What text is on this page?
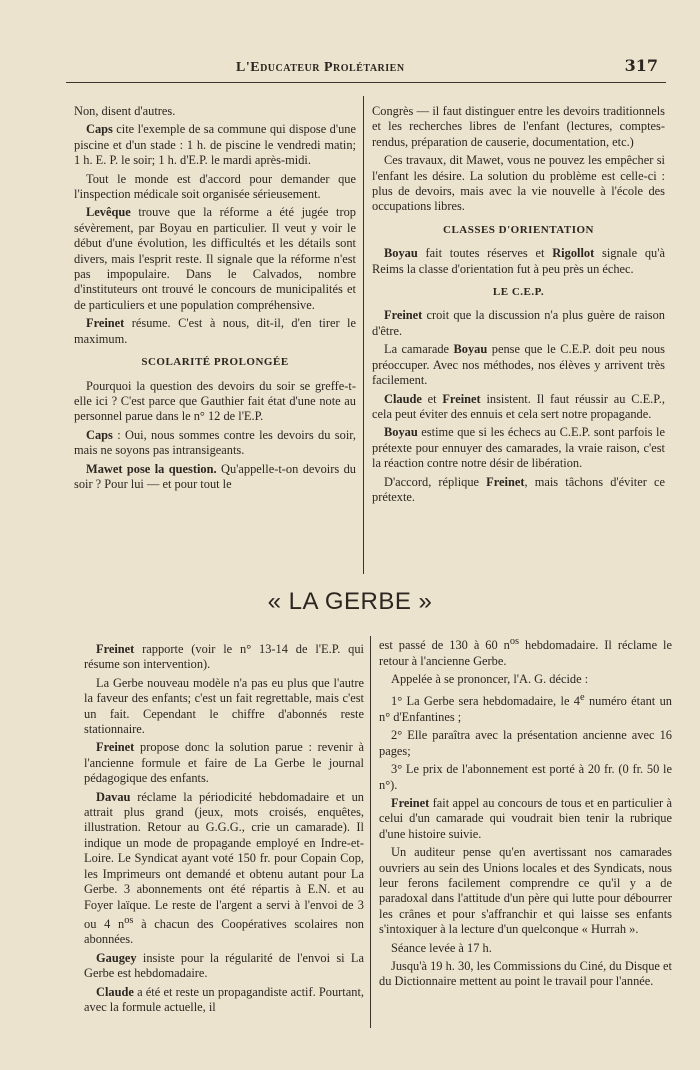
L'Educateur Prolétarien	317

Non, disent d'autres.

Caps cite l'exemple de sa commune qui dispose d'une piscine et d'un stade : 1 h. de piscine le vendredi matin; 1 h. E. P. le soir; 1 h. d'E.P. le mardi après-midi.

Tout le monde est d'accord pour demander que l'inspection médicale soit organisée sérieusement.

Levêque trouve que la réforme a été jugée trop sévèrement, par Boyau en particulier. Il veut y voir le début d'une évolution, les difficultés et les détails sont divers, mais l'esprit reste. Il signale que la réforme n'est pas impopulaire. Dans le Calvados, nombre d'instituteurs ont trouvé le concours de municipalités et de particuliers et une population compréhensive.

Freinet résume. C'est à nous, dit-il, d'en tirer le maximum.

SCOLARITÉ PROLONGÉE

Pourquoi la question des devoirs du soir se greffe-t-elle ici ? C'est parce que Gauthier fait état d'une note au personnel parue dans le n° 12 de l'E.P.

Caps : Oui, nous sommes contre les devoirs du soir, mais ne soyons pas intransigeants.

Mawet pose la question. Qu'appelle-t-on devoirs du soir ? Pour lui — et pour tout le

Congrès — il faut distinguer entre les devoirs traditionnels et les recherches libres de l'enfant (lectures, comptes-rendus, préparation de causerie, documentation, etc.)

Ces travaux, dit Mawet, vous ne pouvez les empêcher si l'enfant les désire. La solution du problème est celle-ci : plus de devoirs, mais avec la vie nouvelle à l'école des occupations libres.

CLASSES D'ORIENTATION

Boyau fait toutes réserves et Rigollot signale qu'à Reims la classe d'orientation fut à peu près un échec.

LE C.E.P.

Freinet croit que la discussion n'a plus guère de raison d'être.

La camarade Boyau pense que le C.E.P. doit peu nous préoccuper. Avec nos méthodes, nos élèves y arrivent très facilement.

Claude et Freinet insistent. Il faut réussir au C.E.P., cela peut éviter des ennuis et cela sert notre propagande.

Boyau estime que si les échecs au C.E.P. sont parfois le prétexte pour ennuyer des camarades, la vraie raison, c'est la réaction contre notre désir de libération.

D'accord, réplique Freinet, mais tâchons d'éviter ce prétexte.

« LA GERBE »

Freinet rapporte (voir le n° 13-14 de l'E.P. qui résume son intervention).

La Gerbe nouveau modèle n'a pas eu plus que l'autre la faveur des enfants; c'est un fait regrettable, mais c'est un fait. Cependant le chiffre d'abonnés reste stationnaire.

Freinet propose donc la solution parue : revenir à l'ancienne formule et faire de La Gerbe le journal pédagogique des enfants.

Davau réclame la périodicité hebdomadaire et un attrait plus grand (jeux, mots croisés, enquêtes, illustration. Retour au G.G.G., crie un camarade). Il indique un mode de propagande employé en Indre-et-Loire. Le Syndicat ayant voté 150 fr. pour Copain Cop, les Imprimeurs ont demandé et obtenu autant pour La Gerbe. 3 abonnements ont été répartis à E.N. et au Foyer laïque. Le reste de l'argent a servi à l'envoi de 3 ou 4 $n^{os}$ à chacun des Coopératives scolaires non abonnées.

Gaugey insiste pour la régularité de l'envoi si La Gerbe est hebdomadaire.

Claude a été et reste un propagandiste actif. Pourtant, avec la formule actuelle, il

est passé de 130 à 60 $n^{os}$ hebdomadaire. Il réclame le retour à l'ancienne Gerbe.

Appelée à se prononcer, l'A. G. décide :

1° La Gerbe sera hebdomadaire, le 4e numéro étant un n° d'Enfantines ;

2° Elle paraîtra avec la présentation ancienne avec 16 pages;

3° Le prix de l'abonnement est porté à 20 fr. (0 fr. 50 le n°).

Freinet fait appel au concours de tous et en particulier à celui d'un camarade qui voudrait bien tenir la rubrique d'une histoire suivie.

Un auditeur pense qu'en avertissant nos camarades ouvriers au sein des Unions locales et des Syndicats, nous leur ferons facilement comprendre ce qu'il y a de paradoxal dans l'attitude d'un père qui lutte pour débourrer les crânes et pour s'affranchir et qui laisse ses enfants s'intoxiquer à la lecture d'un quelconque « Hurrah ».

Séance levée à 17 h.

Jusqu'à 19 h. 30, les Commissions du Ciné, du Disque et du Dictionnaire mettent au point le travail pour l'année.
